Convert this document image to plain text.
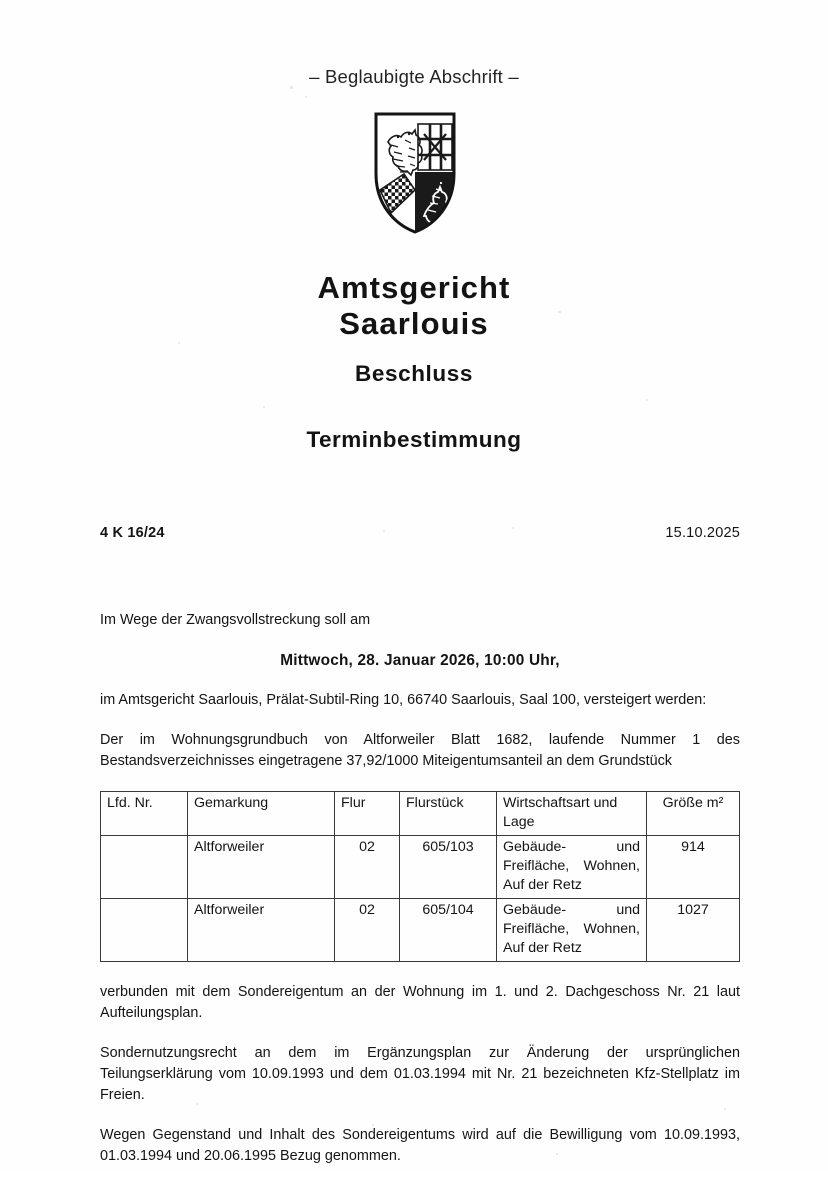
– Beglaubigte Abschrift –
Amtsgericht
Saarlouis
Beschluss
Terminbestimmung
4 K 16/24	15.10.2025

Im Wege der Zwangsvollstreckung soll am

Mittwoch, 28. Januar 2026, 10:00 Uhr,

im Amtsgericht Saarlouis, Prälat-Subtil-Ring 10, 66740 Saarlouis, Saal 100, versteigert werden:

Der im Wohnungsgrundbuch von Altforweiler Blatt 1682, laufende Nummer 1 des Bestandsverzeichnisses eingetragene 37,92/1000 Miteigentumsanteil an dem Grundstück

Lfd. Nr.	Gemarkung	Flur	Flurstück	Wirtschaftsart und Lage	Größe m²
	Altforweiler	02	605/103	Gebäude- und Freifläche, Wohnen, Auf der Retz	914
	Altforweiler	02	605/104	Gebäude- und Freifläche, Wohnen, Auf der Retz	1027

verbunden mit dem Sondereigentum an der Wohnung im 1. und 2. Dachgeschoss Nr. 21 laut Aufteilungsplan.

Sondernutzungsrecht an dem im Ergänzungsplan zur Änderung der ursprünglichen Teilungserklärung vom 10.09.1993 und dem 01.03.1994 mit Nr. 21 bezeichneten Kfz-Stellplatz im Freien.

Wegen Gegenstand und Inhalt des Sondereigentums wird auf die Bewilligung vom 10.09.1993, 01.03.1994 und 20.06.1995 Bezug genommen.
